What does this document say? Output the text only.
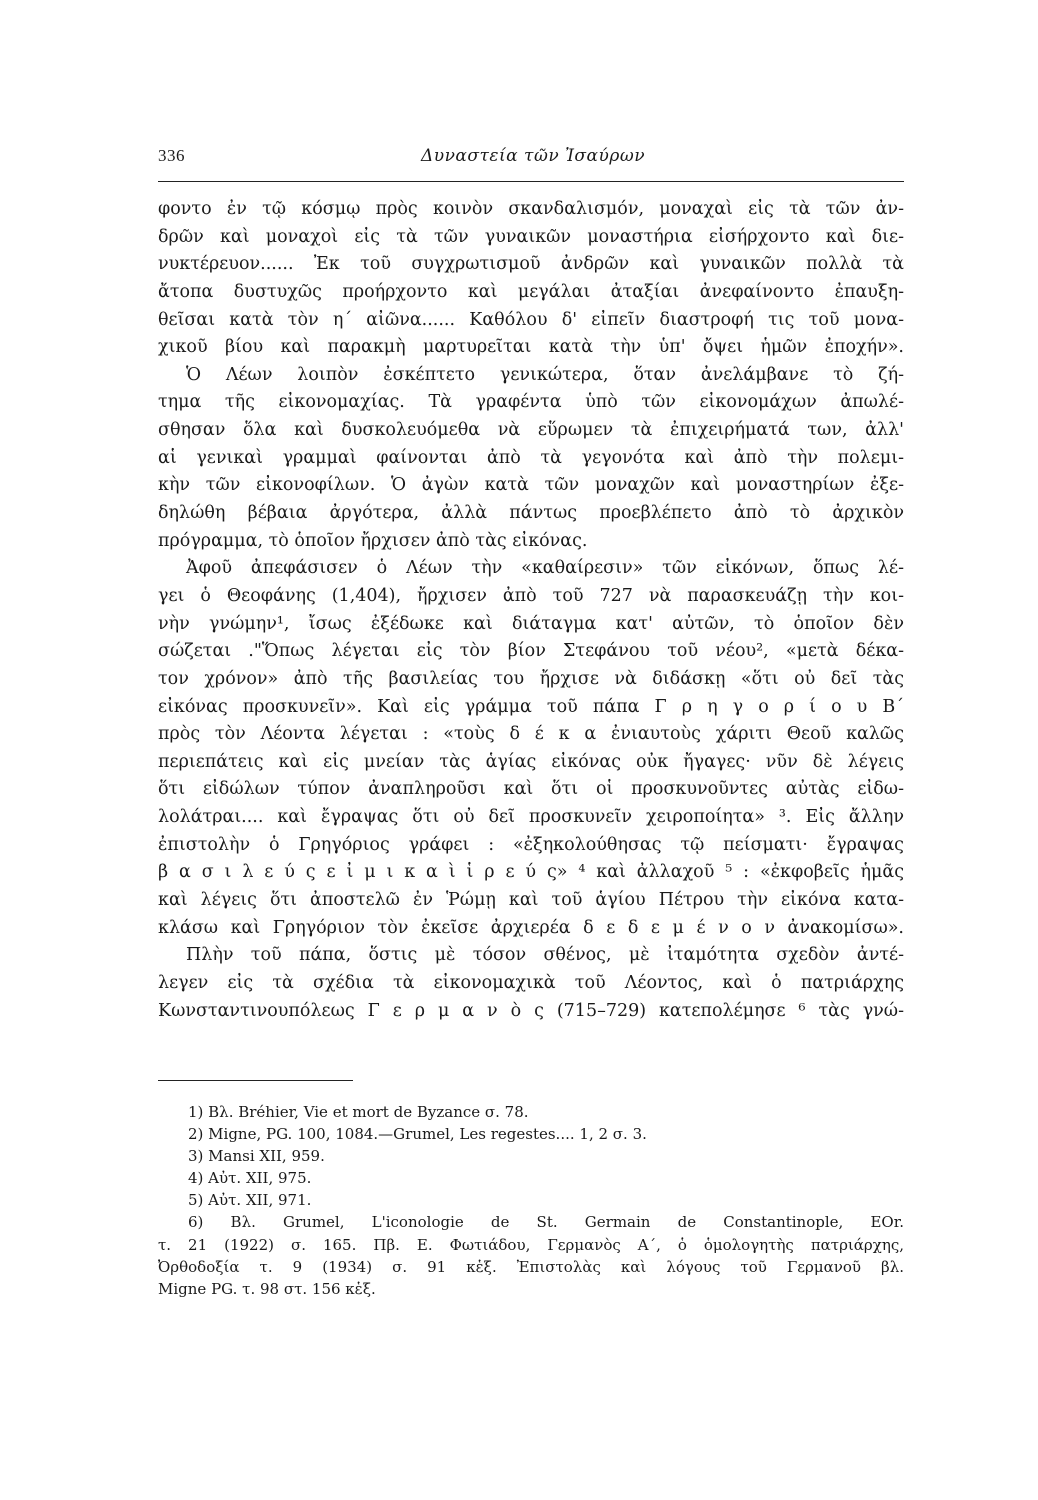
336	Δυναστεία τῶν Ἰσαύρων
φοντο ἐν τῷ κόσμῳ πρὸς κοινὸν σκανδαλισμόν, μοναχαὶ εἰς τὰ τῶν ἀν-
δρῶν καὶ μοναχοὶ εἰς τὰ τῶν γυναικῶν μοναστήρια εἰσήρχοντο καὶ διε-
νυκτέρευον...... Ἐκ τοῦ συγχρωτισμοῦ ἀνδρῶν καὶ γυναικῶν πολλὰ τὰ
ἄτοπα δυστυχῶς προήρχοντο καὶ μεγάλαι ἀταξίαι ἀνεφαίνοντο ἐπαυξη-
θεῖσαι κατὰ τὸν η΄ αἰῶνα...... Καθόλου δ' εἰπεῖν διαστροφή τις τοῦ μονα-
χικοῦ βίου καὶ παρακμὴ μαρτυρεῖται κατὰ τὴν ὑπ' ὄψει ἡμῶν ἐποχήν».
Ὁ Λέων λοιπὸν ἐσκέπτετο γενικώτερα, ὅταν ἀνελάμβανε τὸ ζή-
τημα τῆς εἰκονομαχίας. Τὰ γραφέντα ὑπὸ τῶν εἰκονομάχων ἀπωλέ-
σθησαν ὅλα καὶ δυσκολευόμεθα νὰ εὕρωμεν τὰ ἐπιχειρήματά των, ἀλλ'
αἱ γενικαὶ γραμμαὶ φαίνονται ἀπὸ τὰ γεγονότα καὶ ἀπὸ τὴν πολεμι-
κὴν τῶν εἰκονοφίλων. Ὁ ἀγὼν κατὰ τῶν μοναχῶν καὶ μοναστηρίων ἐξε-
δηλώθη βέβαια ἀργότερα, ἀλλὰ πάντως προεβλέπετο ἀπὸ τὸ ἀρχικὸν
πρόγραμμα, τὸ ὁποῖον ἤρχισεν ἀπὸ τὰς εἰκόνας.
Ἀφοῦ ἀπεφάσισεν ὁ Λέων τὴν «καθαίρεσιν» τῶν εἰκόνων, ὅπως λέ-
γει ὁ Θεοφάνης (1,404), ἤρχισεν ἀπὸ τοῦ 727 νὰ παρασκευάζῃ τὴν κοι-
νὴν γνώμην¹, ἴσως ἐξέδωκε καὶ διάταγμα κατ' αὐτῶν, τὸ ὁποῖον δὲν
σώζεται ."Ὅπως λέγεται εἰς τὸν βίον Στεφάνου τοῦ νέου², «μετὰ δέκα-
τον χρόνον» ἀπὸ τῆς βασιλείας του ἤρχισε νὰ διδάσκῃ «ὅτι οὐ δεῖ τὰς
εἰκόνας προσκυνεῖν». Καὶ εἰς γράμμα τοῦ πάπα Γ ρ η γ ο ρ ί ο υ Β΄
πρὸς τὸν Λέοντα λέγεται : «τοὺς δ έ κ α ἐνιαυτοὺς χάριτι Θεοῦ καλῶς
περιεπάτεις καὶ εἰς μνείαν τὰς ἁγίας εἰκόνας οὐκ ἤγαγες· νῦν δὲ λέγεις
ὅτι εἰδώλων τύπον ἀναπληροῦσι καὶ ὅτι οἱ προσκυνοῦντες αὐτὰς εἰδω-
λολάτραι.... καὶ ἔγραψας ὅτι οὐ δεῖ προσκυνεῖν χειροποίητα» ³. Εἰς ἄλλην
ἐπιστολὴν ὁ Γρηγόριος γράφει : «ἐξηκολούθησας τῷ πείσματι· ἔγραψας
β α σ ι λ ε ύ ς ε ἰ μ ι κ α ὶ ἱ ρ ε ύ ς» ⁴ καὶ ἀλλαχοῦ ⁵ : «ἐκφοβεῖς ἡμᾶς
καὶ λέγεις ὅτι ἀποστελῶ ἐν Ῥώμῃ καὶ τοῦ ἁγίου Πέτρου τὴν εἰκόνα κατα-
κλάσω καὶ Γρηγόριον τὸν ἐκεῖσε ἀρχιερέα δ ε δ ε μ έ ν ο ν ἀνακομίσω».
Πλὴν τοῦ πάπα, ὅστις μὲ τόσον σθένος, μὲ ἰταμότητα σχεδὸν ἀντέ-
λεγεν εἰς τὰ σχέδια τὰ εἰκονομαχικὰ τοῦ Λέοντος, καὶ ὁ πατριάρχης
Κωνσταντινουπόλεως Γ ε ρ μ α ν ὸ ς (715–729) κατεπολέμησε ⁶ τὰς γνώ-
1) Βλ. Bréhier, Vie et mort de Byzance σ. 78.
2) Migne, PG. 100, 1084.—Grumel, Les regestes.... 1, 2 σ. 3.
3) Mansi XII, 959.
4) Αὐτ. XII, 975.
5) Αὐτ. XII, 971.
6) Βλ. Grumel, L'iconologie de St. Germain de Constantinople, EOr.
τ. 21 (1922) σ. 165. Πβ. Ε. Φωτιάδου, Γερμανὸς Α΄, ὁ ὁμολογητὴς πατριάρχης,
Ὀρθοδοξία τ. 9 (1934) σ. 91 κἑξ. Ἐπιστολὰς καὶ λόγους τοῦ Γερμανοῦ βλ.
Migne PG. τ. 98 στ. 156 κἑξ.
